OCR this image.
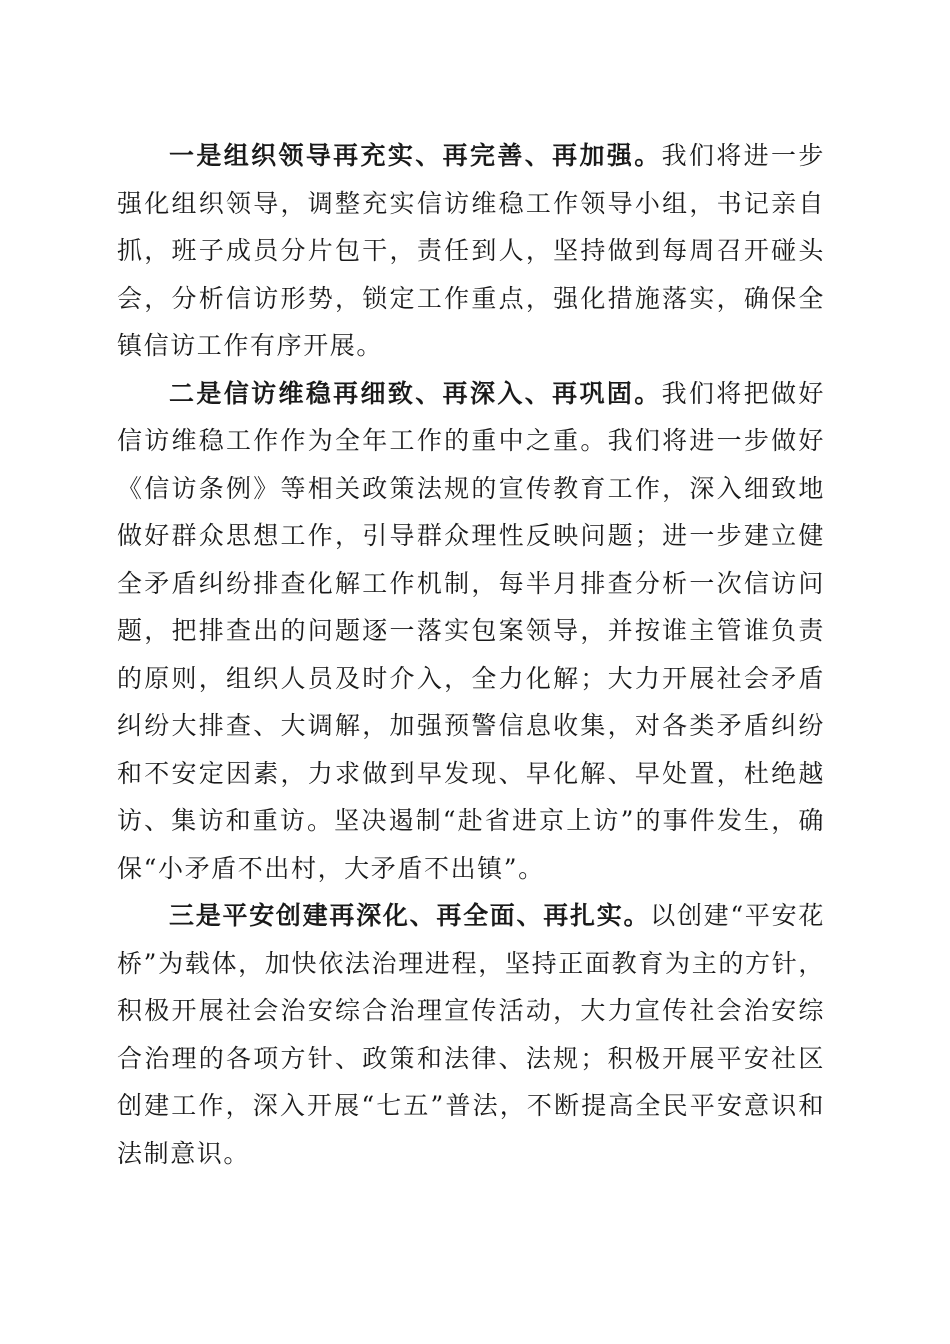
一是组织领导再充实、再完善、再加强。我们将进一步强化组织领导，调整充实信访维稳工作领导小组，书记亲自抓，班子成员分片包干，责任到人，坚持做到每周召开碰头会，分析信访形势，锁定工作重点，强化措施落实，确保全镇信访工作有序开展。

二是信访维稳再细致、再深入、再巩固。我们将把做好信访维稳工作作为全年工作的重中之重。我们将进一步做好《信访条例》等相关政策法规的宣传教育工作，深入细致地做好群众思想工作，引导群众理性反映问题；进一步建立健全矛盾纠纷排查化解工作机制，每半月排查分析一次信访问题，把排查出的问题逐一落实包案领导，并按谁主管谁负责的原则，组织人员及时介入，全力化解；大力开展社会矛盾纠纷大排查、大调解，加强预警信息收集，对各类矛盾纠纷和不安定因素，力求做到早发现、早化解、早处置，杜绝越访、集访和重访。坚决遏制“赴省进京上访”的事件发生，确保“小矛盾不出村，大矛盾不出镇”。

三是平安创建再深化、再全面、再扎实。以创建“平安花桥”为载体，加快依法治理进程，坚持正面教育为主的方针，积极开展社会治安综合治理宣传活动，大力宣传社会治安综合治理的各项方针、政策和法律、法规；积极开展平安社区创建工作，深入开展“七五”普法，不断提高全民平安意识和法制意识。
